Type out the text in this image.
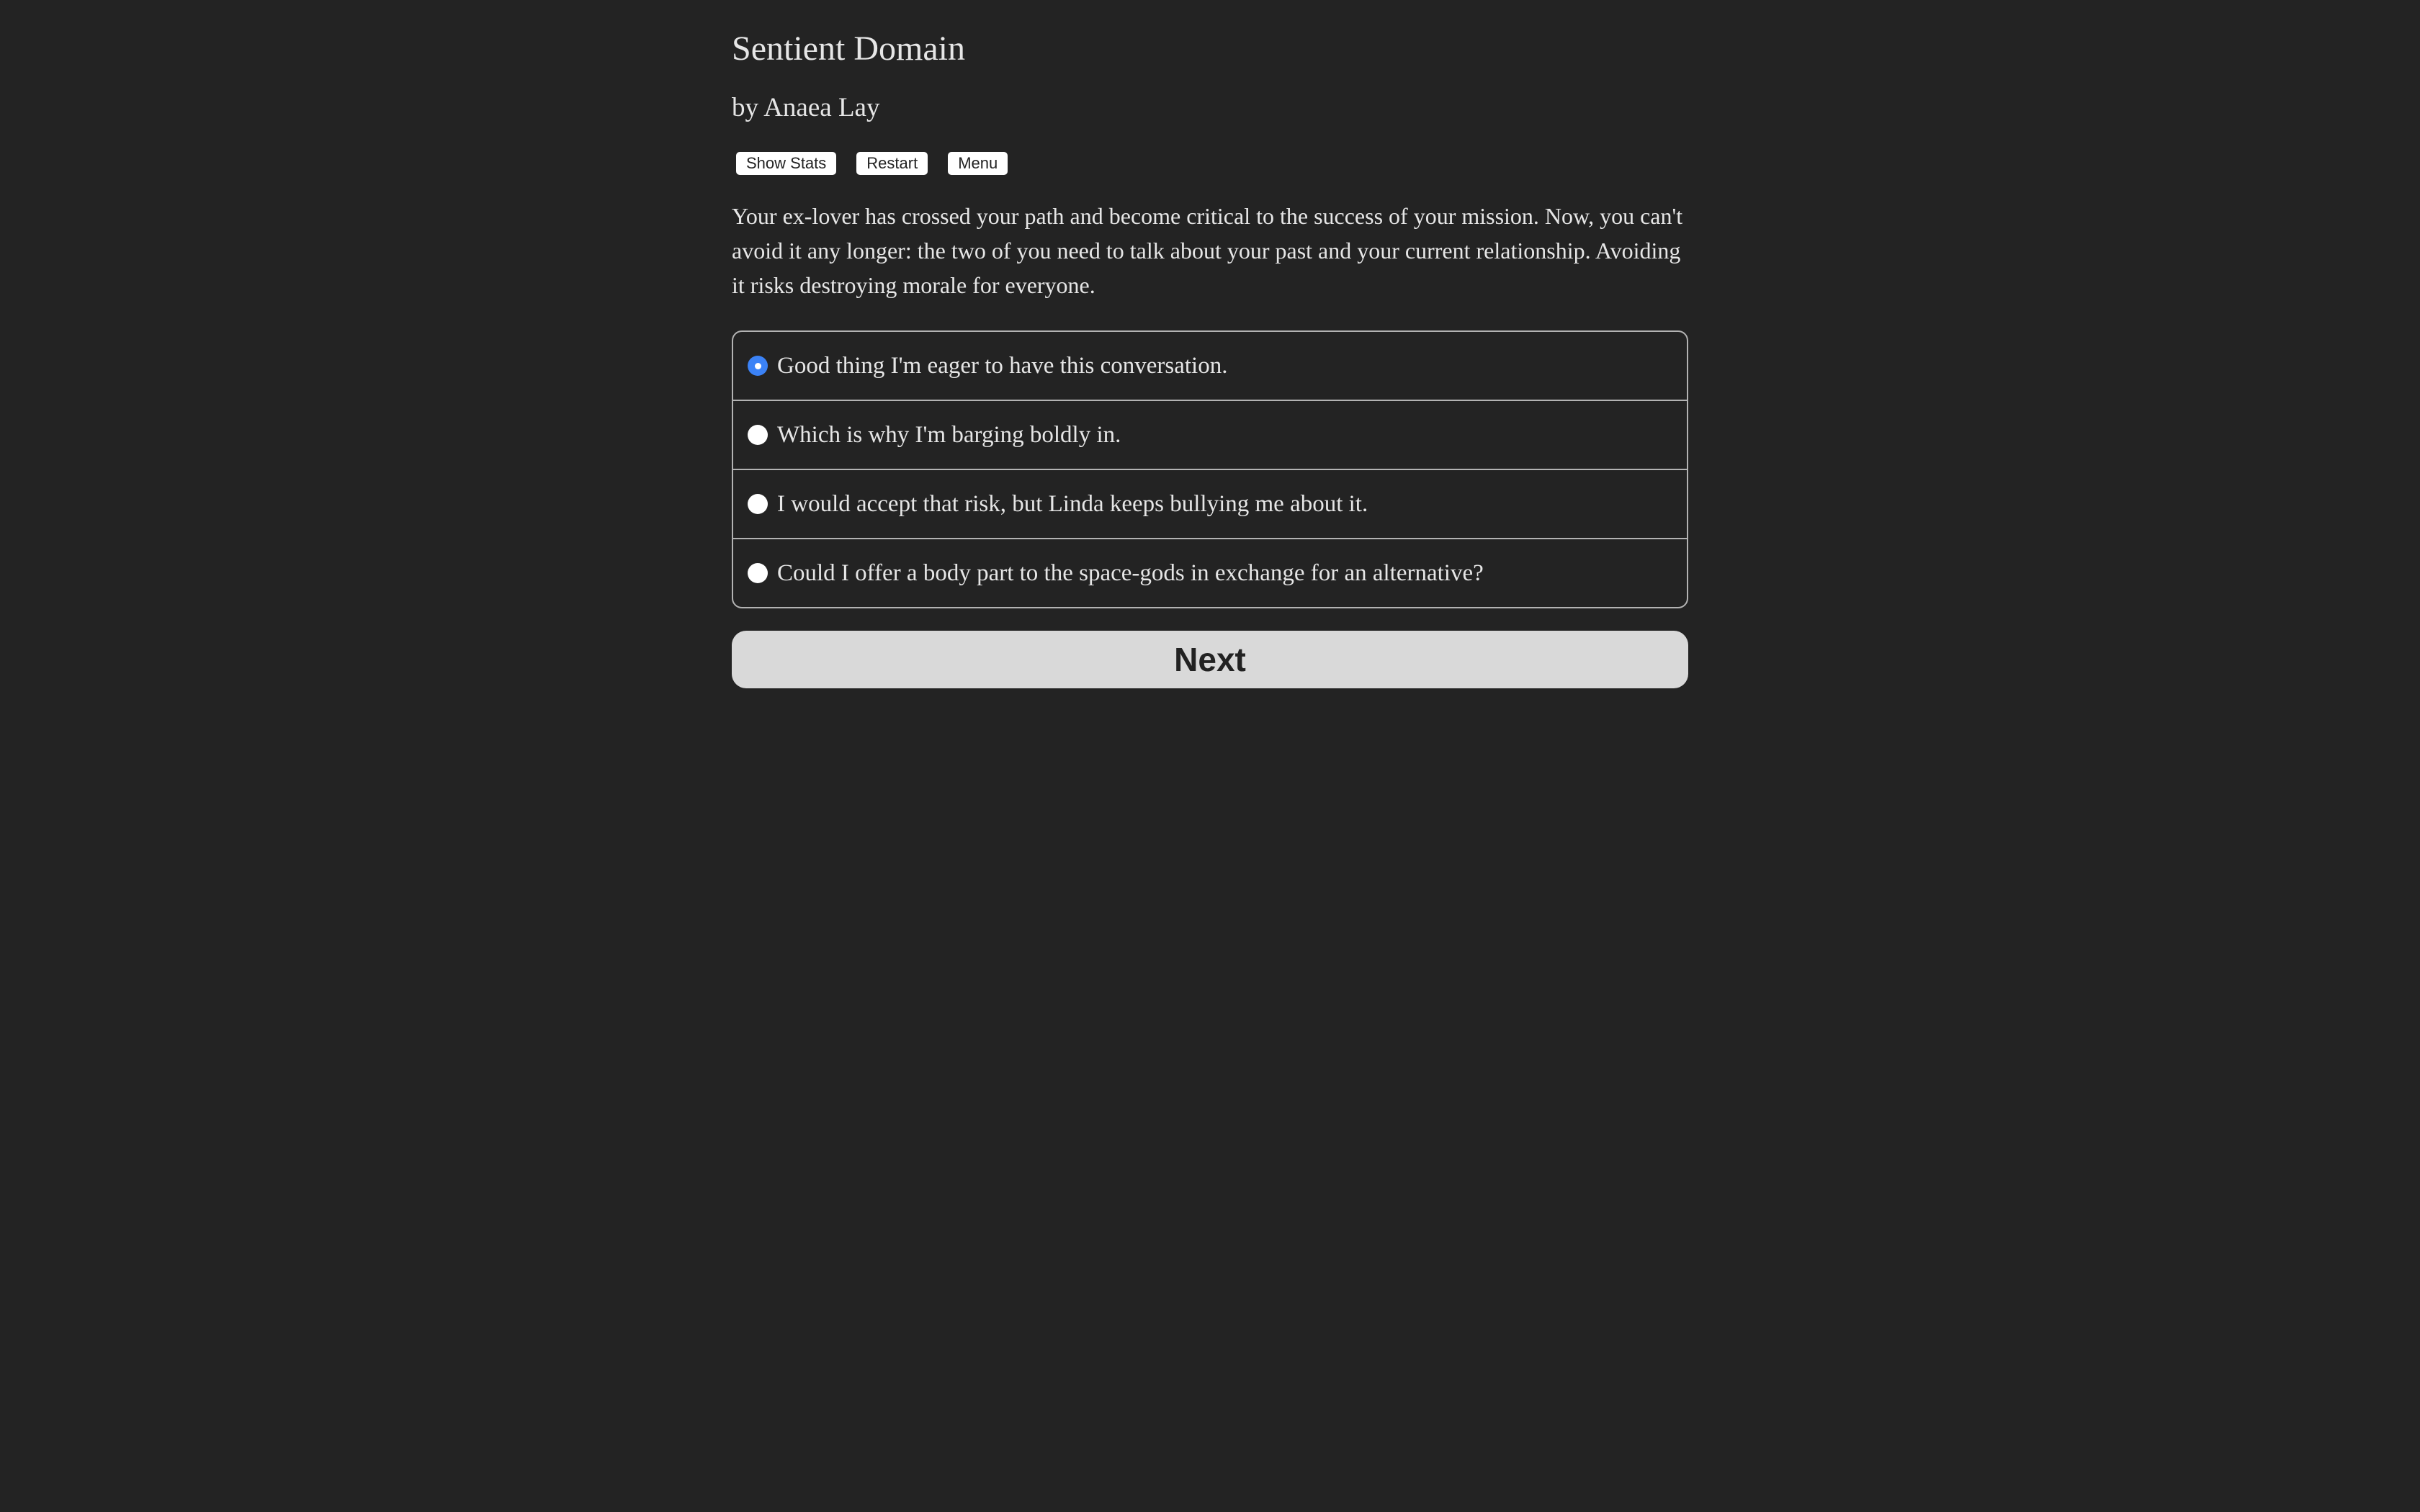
Sentient Domain
by Anaea Lay
Show Stats	Restart	Menu

Your ex-lover has crossed your path and become critical to the success of your mission. Now, you can't avoid it any longer: the two of you need to talk about your past and your current relationship. Avoiding it risks destroying morale for everyone.

Good thing I'm eager to have this conversation.
Which is why I'm barging boldly in.
I would accept that risk, but Linda keeps bullying me about it.
Could I offer a body part to the space-gods in exchange for an alternative?
Next
